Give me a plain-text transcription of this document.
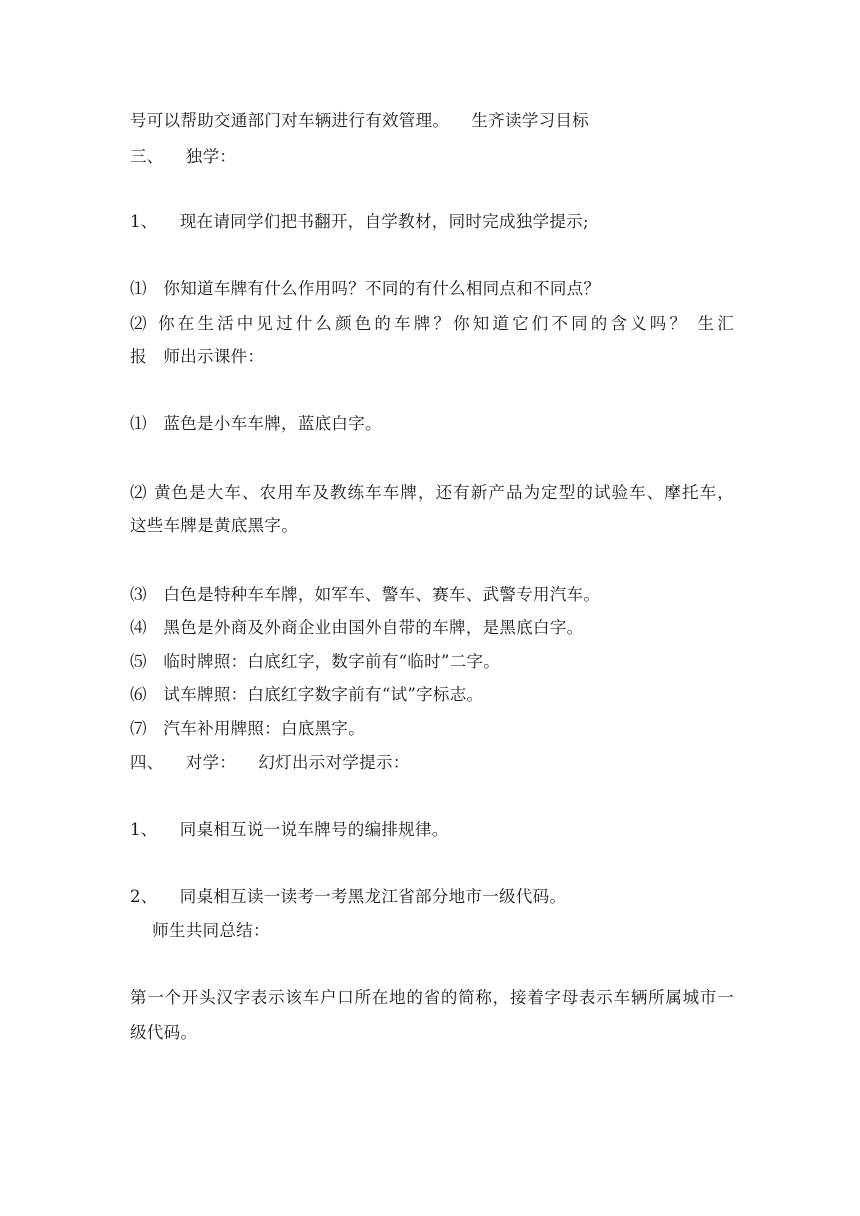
号可以帮助交通部门对车辆进行有效管理。    生齐读学习目标
三、    独学：
1、    现在请同学们把书翻开，自学教材，同时完成独学提示;
⑴   你知道车牌有什么作用吗？不同的有什么相同点和不同点？
⑵ 你在生活中见过什么颜色的车牌？你知道它们不同的含义吗？ 生汇
报   师出示课件：
⑴   蓝色是小车车牌，蓝底白字。
⑵ 黄色是大车、农用车及教练车车牌，还有新产品为定型的试验车、摩托车，
这些车牌是黄底黑字。
⑶   白色是特种车车牌，如军车、警车、赛车、武警专用汽车。
⑷   黑色是外商及外商企业由国外自带的车牌，是黑底白字。
⑸   临时牌照：白底红字，数字前有“临时”二字。
⑹   试车牌照：白底红字数字前有“试”字标志。
⑺   汽车补用牌照：白底黑字。
四、    对学：    幻灯出示对学提示：
1、    同桌相互说一说车牌号的编排规律。
2、    同桌相互读一读考一考黑龙江省部分地市一级代码。
师生共同总结：
第一个开头汉字表示该车户口所在地的省的简称，接着字母表示车辆所属城市一
级代码。
